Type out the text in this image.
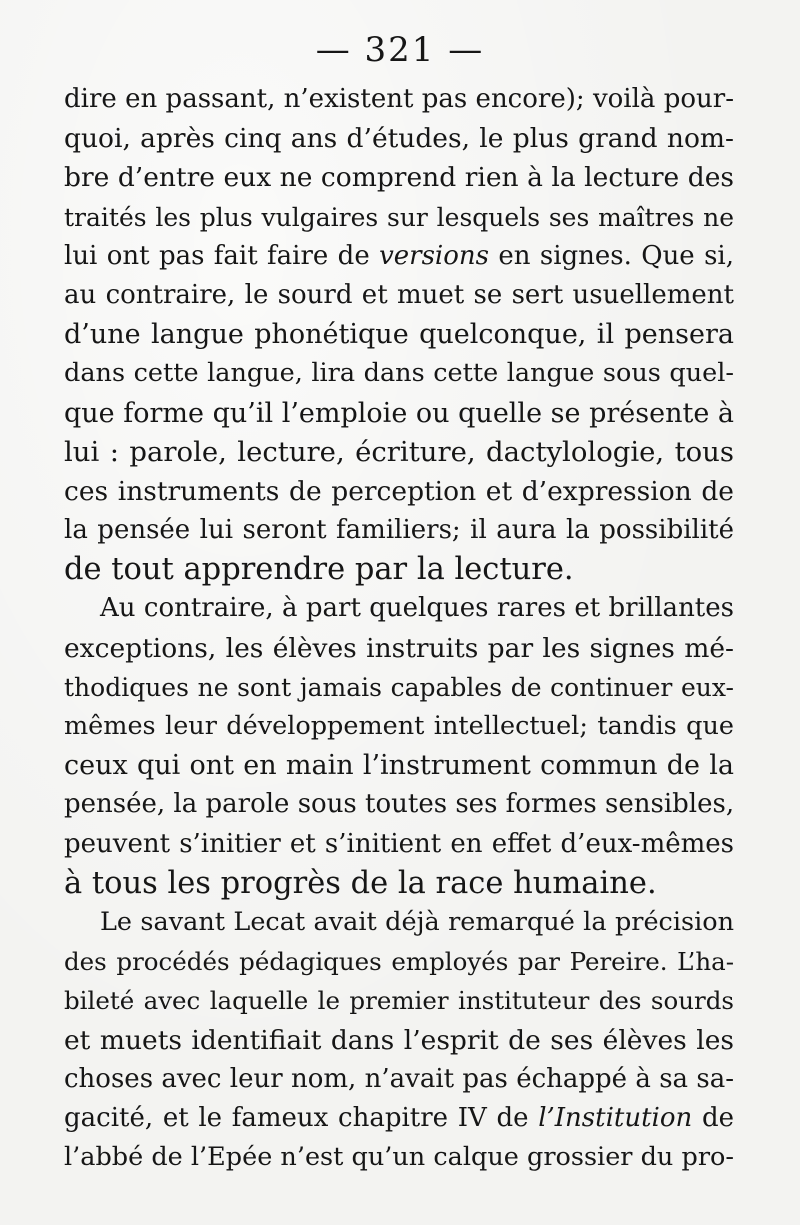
— 321 —
dire en passant, n’existent pas encore); voilà pour-
quoi, après cinq ans d’études, le plus grand nom-
bre d’entre eux ne comprend rien à la lecture des
traités les plus vulgaires sur lesquels ses maîtres ne
lui ont pas fait faire de versions en signes. Que si,
au contraire, le sourd et muet se sert usuellement
d’une langue phonétique quelconque, il pensera
dans cette langue, lira dans cette langue sous quel-
que forme qu’il l’emploie ou quelle se présente à
lui : parole, lecture, écriture, dactylologie, tous
ces instruments de perception et d’expression de
la pensée lui seront familiers; il aura la possibilité
de tout apprendre par la lecture.
Au contraire, à part quelques rares et brillantes
exceptions, les élèves instruits par les signes mé-
thodiques ne sont jamais capables de continuer eux-
mêmes leur développement intellectuel; tandis que
ceux qui ont en main l’instrument commun de la
pensée, la parole sous toutes ses formes sensibles,
peuvent s’initier et s’initient en effet d’eux-mêmes
à tous les progrès de la race humaine.
Le savant Lecat avait déjà remarqué la précision
des procédés pédagiques employés par Pereire. L’ha-
bileté avec laquelle le premier instituteur des sourds
et muets identifiait dans l’esprit de ses élèves les
choses avec leur nom, n’avait pas échappé à sa sa-
gacité, et le fameux chapitre IV de l’Institution de
l’abbé de l’Epée n’est qu’un calque grossier du pro-
